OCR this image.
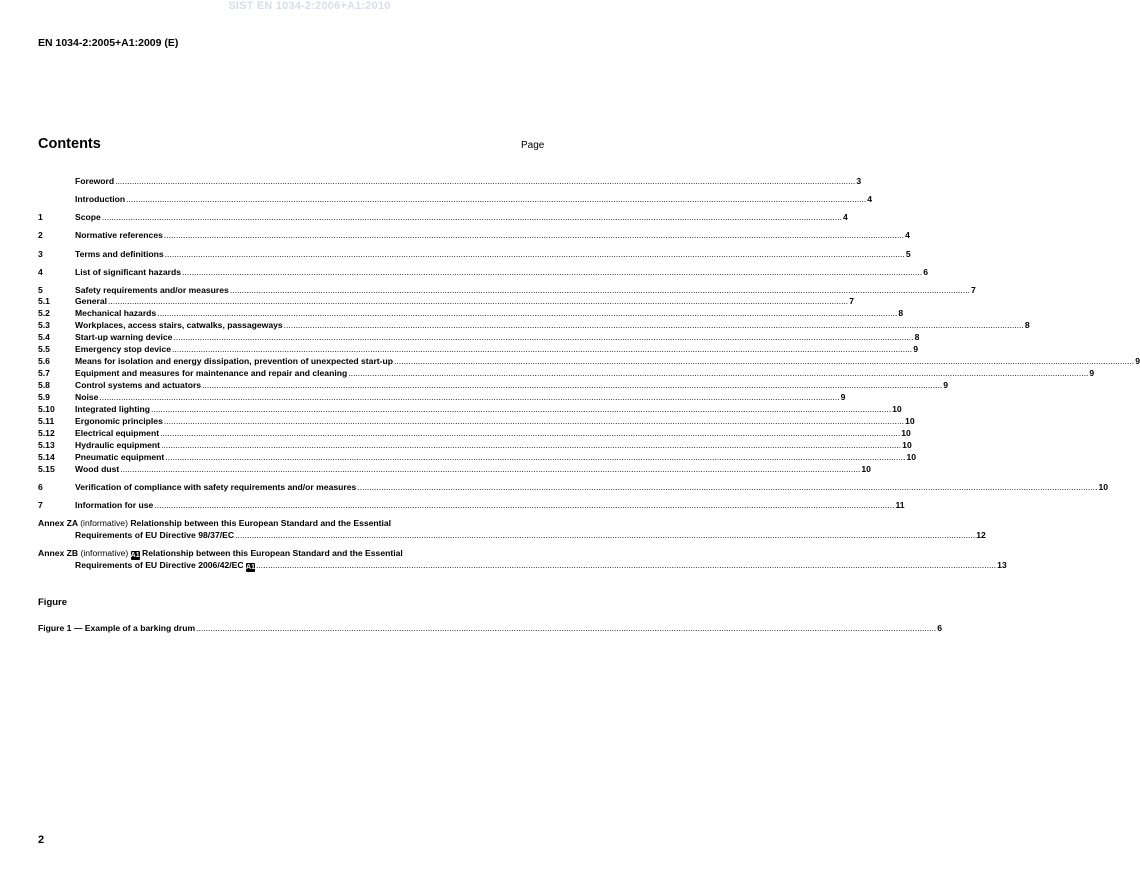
SIST EN 1034-2:2006+A1:2010
EN 1034-2:2005+A1:2009 (E)
Contents	Page
Foreword .....	3
Introduction .....	4
1	Scope .....	4
2	Normative references .....	4
3	Terms and definitions .....	5
4	List of significant hazards .....	6
5	Safety requirements and/or measures .....	7
5.1	General .....	7
5.2	Mechanical hazards .....	8
5.3	Workplaces, access stairs, catwalks, passageways .....	8
5.4	Start-up warning device .....	8
5.5	Emergency stop device .....	9
5.6	Means for isolation and energy dissipation, prevention of unexpected start-up .....	9
5.7	Equipment and measures for maintenance and repair and cleaning .....	9
5.8	Control systems and actuators .....	9
5.9	Noise .....	9
5.10	Integrated lighting .....	10
5.11	Ergonomic principles .....	10
5.12	Electrical equipment .....	10
5.13	Hydraulic equipment .....	10
5.14	Pneumatic equipment .....	10
5.15	Wood dust .....	10
6	Verification of compliance with safety requirements and/or measures .....	10
7	Information for use .....	11
Annex ZA (informative) Relationship between this European Standard and the Essential
Requirements of EU Directive 98/37/EC .....	12
Annex ZB (informative) A1 Relationship between this European Standard and the Essential
Requirements of EU Directive 2006/42/EC A1 .....	13
Figure 1 — Example of a barking drum .....	6
Figure
2
